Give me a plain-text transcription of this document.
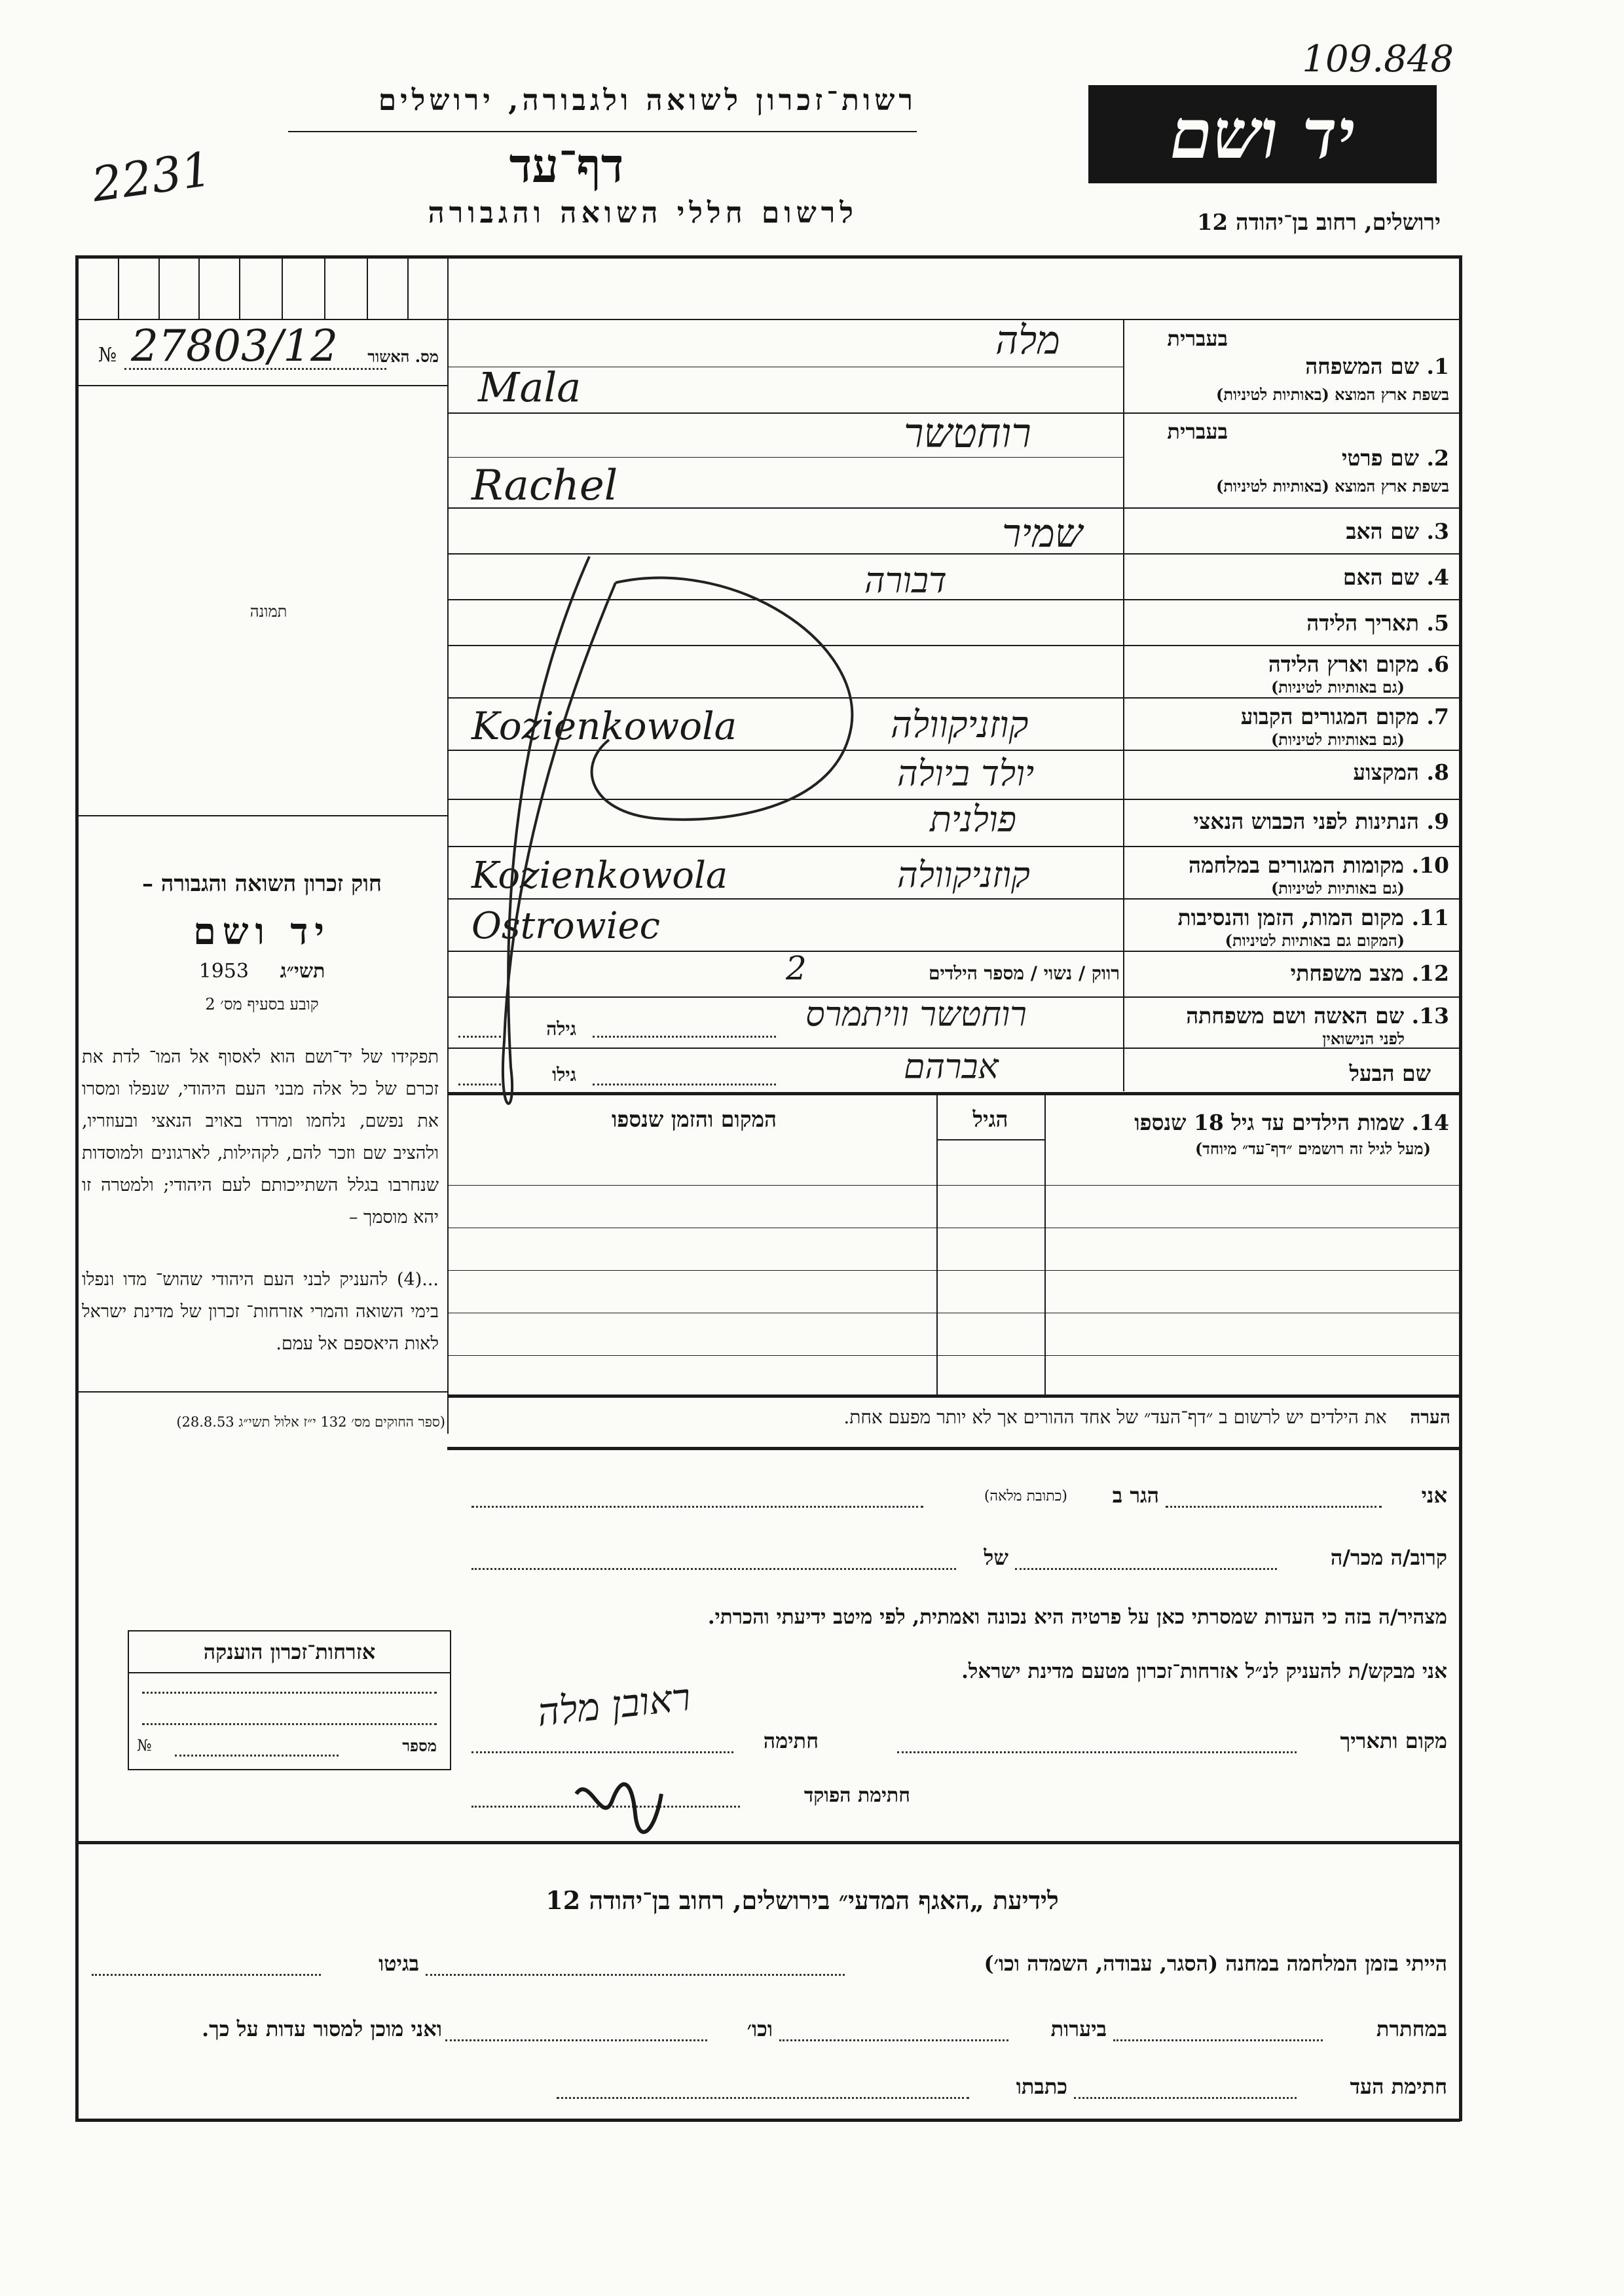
109.848
2231
רשות־זכרון לשואה ולגבורה, ירושלים
דף־עד
לרשום חללי השואה והגבורה
יד ושם
ירושלים, רחוב בן־יהודה 12
מס. האשור
№ 27803/12
תמונה
חוק זכרון השואה והגבורה –
יד ושם
תשי״ג     1953
קובע בסעיף מס׳ 2
תפקידו של יד־ושם הוא לאסוף אל המו־ לדת את זכרם של כל אלה מבני העם היהודי, שנפלו ומסרו את נפשם, נלחמו ומרדו באויב הנאצי ובעוזריו, ולהציב שם וזכר להם, לקהילות, לארגונים ולמוסדות שנחרבו בגלל השתייכותם לעם היהודי; ולמטרה זו יהא מוסמך –
...(4) להעניק לבני העם היהודי שהוש־ מדו ונפלו בימי השואה והמרי אזרחות־ זכרון של מדינת ישראל לאות היאספם אל עמם.
(ספר החוקים מס׳ 132 י״ז אלול תשי״ג 28.8.53)
אזרחות־זכרון הוענקה
מספר
№
בעברית
1. שם המשפחה
בשפת ארץ המוצא (באותיות לטיניות)
מלה
Mala
בעברית
2. שם פרטי
בשפת ארץ המוצא (באותיות לטיניות)
רוחטשר
Rachel
3. שם האב
שמיר
4. שם האם
דבורה
5. תאריך הלידה
6. מקום וארץ הלידה
(גם באותיות לטיניות)
7. מקום המגורים הקבוע
(גם באותיות לטיניות)
Kozienkowola	קוזניקוולה
8. המקצוע
יולד ביולה
9. הנתינות לפני הכבוש הנאצי
פולנית
10. מקומות המגורים במלחמה
(גם באותיות לטיניות)
Kozienkowola	קוזניקוולה
11. מקום המות, הזמן והנסיבות
(המקום גם באותיות לטיניות)
Ostrowiec
12. מצב משפחתי
רווק / נשוי / מספר הילדים
2
13. שם האשה ושם משפחתה
לפני הנישואין
רוחטשר וויתמרס
גילה
שם הבעל
אברהם
גילו
14. שמות הילדים עד גיל 18 שנספו
(מעל לגיל זה רושמים ״דף־עד״ מיוחד)
הגיל
המקום והזמן שנספו
הערה    את הילדים יש לרשום ב ״דף־העד״ של אחד ההורים אך לא יותר מפעם אחת.
אני
הגר ב
(כתובת מלאה)
קרוב/ה מכר/ה
של
מצהיר/ה בזה כי העדות שמסרתי כאן על פרטיה היא נכונה ואמתית, לפי מיטב ידיעתי והכרתי.
אני מבקש/ת להעניק לנ״ל אזרחות־זכרון מטעם מדינת ישראל.
מקום ותאריך
חתימה
ראובן מלה
חתימת הפוקד
לידיעת „האגף המדעי״ בירושלים, רחוב בן־יהודה 12
הייתי בזמן המלחמה במחנה (הסגר, עבודה, השמדה וכו׳)
בגיטו
במחתרת
ביערות
וכו׳
ואני מוכן למסור עדות על כך.
חתימת העד
כתבתו
